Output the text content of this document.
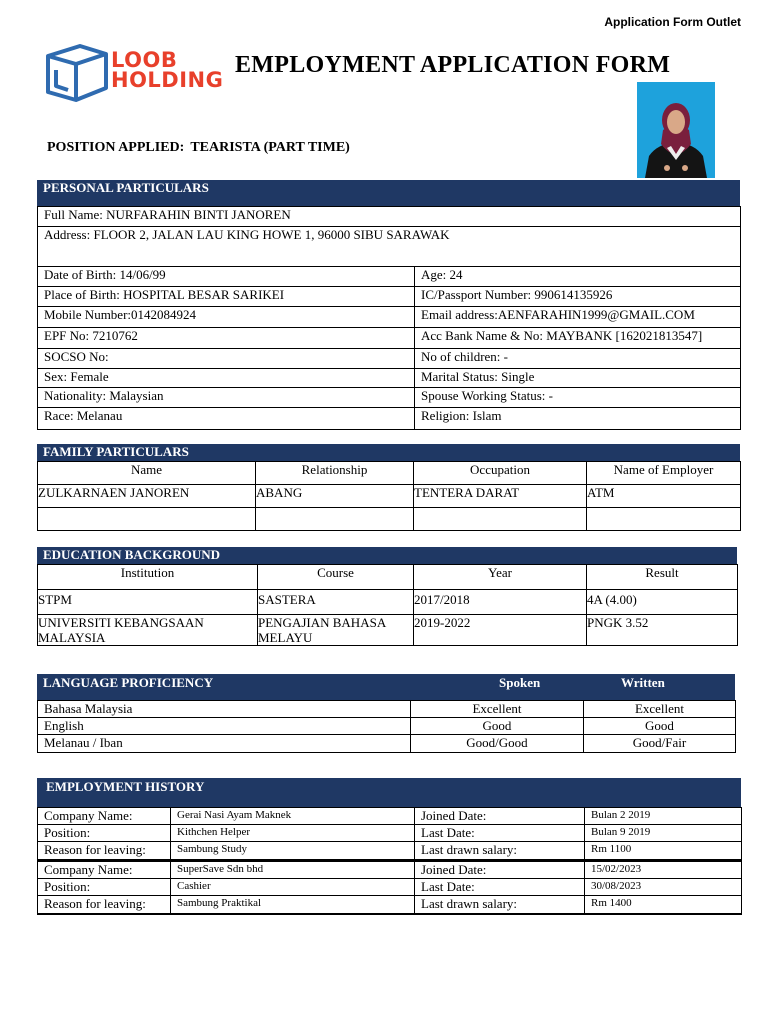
Application Form Outlet
LOOB
HOLDING
EMPLOYMENT APPLICATION FORM
POSITION APPLIED: TEARISTA (PART TIME)
PERSONAL PARTICULARS
Full Name: NURFARAHIN BINTI JANOREN	
Address: FLOOR 2, JALAN LAU KING HOWE 1, 96000 SIBU SARAWAK	
Date of Birth: 14/06/99	Age: 24
Place of Birth: HOSPITAL BESAR SARIKEI	IC/Passport Number: 990614135926
Mobile Number:0142084924	Email address:AENFARAHIN1999@GMAIL.COM
EPF No: 7210762	Acc Bank Name & No: MAYBANK [162021813547]
SOCSO No:	No of children: -
Sex: Female	Marital Status: Single
Nationality: Malaysian	Spouse Working Status: -
Race: Melanau	Religion: Islam
FAMILY PARTICULARS
Name	Relationship	Occupation	Name of Employer
ZULKARNAEN JANOREN	ABANG	TENTERA DARAT	ATM

EDUCATION BACKGROUND
Institution	Course	Year	Result
STPM	SASTERA	2017/2018	4A (4.00)
UNIVERSITI KEBANGSAAN MALAYSIA	PENGAJIAN BAHASA MELAYU	2019-2022	PNGK 3.52
LANGUAGE PROFICIENCY	Spoken	Written
Bahasa Malaysia	Excellent	Excellent
English	Good	Good
Melanau / Iban	Good/Good	Good/Fair
EMPLOYMENT HISTORY
Company Name:	Gerai Nasi Ayam Maknek	Joined Date:	Bulan 2 2019
Position:	Kithchen Helper	Last Date:	Bulan 9 2019
Reason for leaving:	Sambung Study	Last drawn salary:	Rm 1100
Company Name:	SuperSave Sdn bhd	Joined Date:	15/02/2023
Position:	Cashier	Last Date:	30/08/2023
Reason for leaving:	Sambung Praktikal	Last drawn salary:	Rm 1400
